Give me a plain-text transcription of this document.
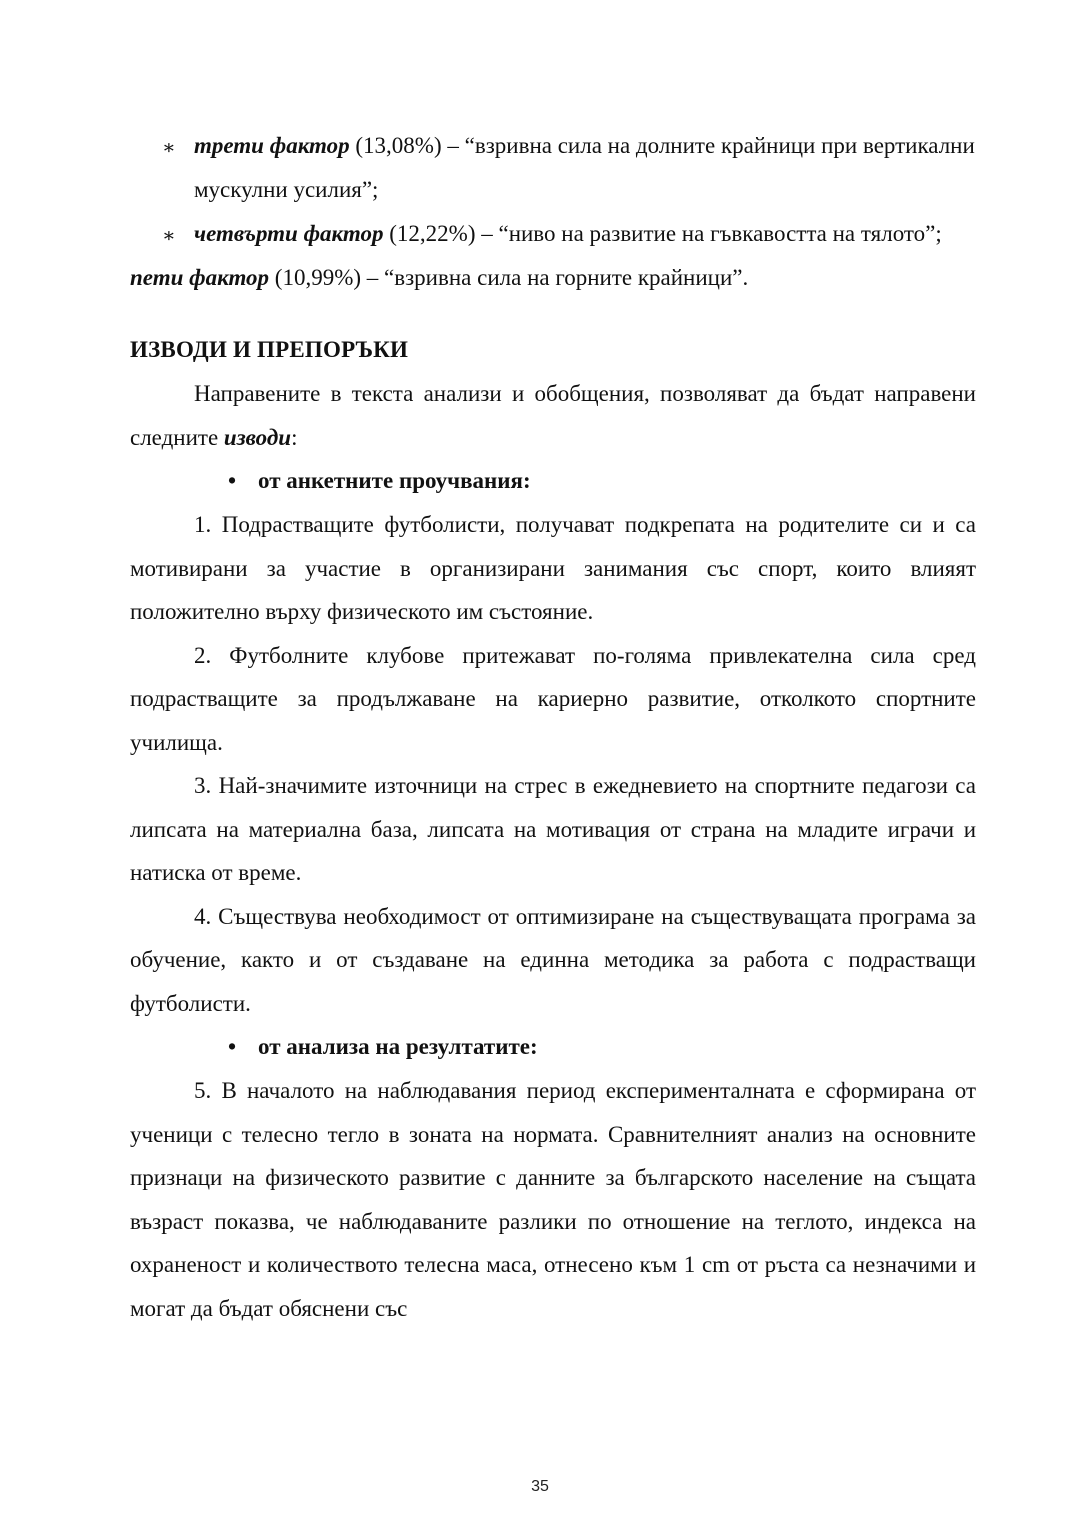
∗ трети фактор (13,08%) – “взривна сила на долните крайници при вертикални мускулни усилия”;
∗ четвърти фактор (12,22%) – “ниво на развитие на гъвкавостта на тялото”;
пети фактор (10,99%) – “взривна сила на горните крайници”.
ИЗВОДИ И ПРЕПОРЪКИ
Направените в текста анализи и обобщения, позволяват да бъдат направени следните изводи:
• от анкетните проучвания:
1. Подрастващите футболисти, получават подкрепата на родителите си и са мотивирани за участие в организирани занимания със спорт, които влияят положително върху физическото им състояние.
2. Футболните клубове притежават по-голяма привлекателна сила сред подрастващите за продължаване на кариерно развитие, отколкото спортните училища.
3. Най-значимите източници на стрес в ежедневието на спортните педагози са липсата на материална база, липсата на мотивация от страна на младите играчи и натиска от време.
4. Съществува необходимост от оптимизиране на съществуващата програма за обучение, както и от създаване на единна методика за работа с подрастващи футболисти.
• от анализа на резултатите:
5. В началото на наблюдавания период експерименталната е сформирана от ученици с телесно тегло в зоната на нормата. Сравнителният анализ на основните признаци на физическото развитие с данните за българското население на същата възраст показва, че наблюдаваните разлики по отношение на теглото, индекса на охраненост и количеството телесна маса, отнесено към 1 cm от ръста са незначими и могат да бъдат обяснени със
35
